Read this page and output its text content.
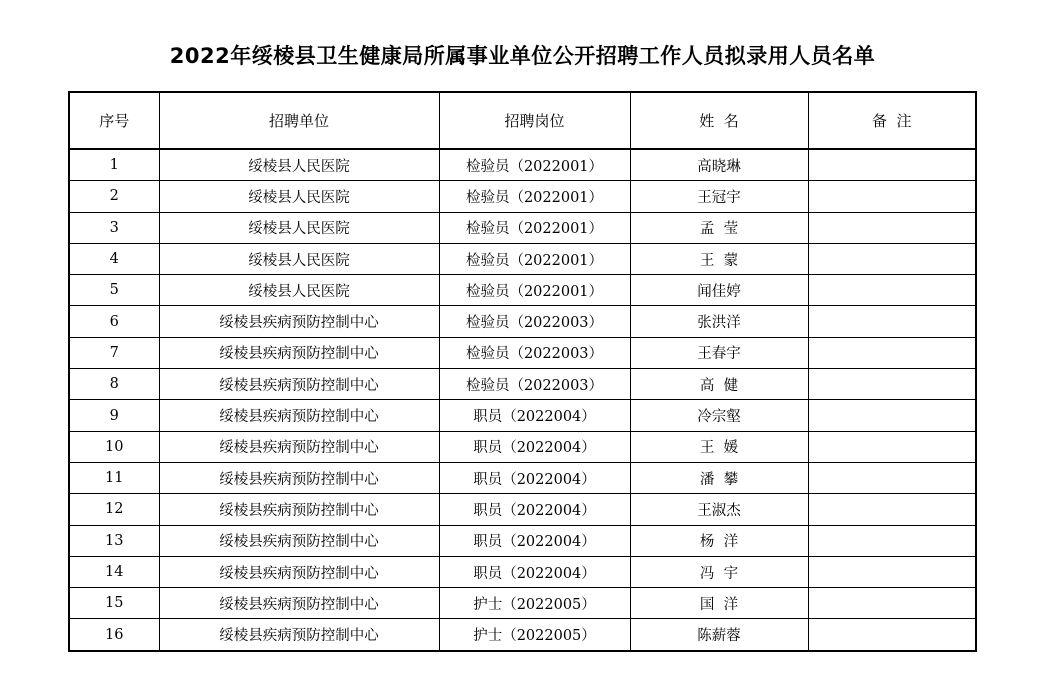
2022年绥棱县卫生健康局所属事业单位公开招聘工作人员拟录用人员名单
序号	招聘单位	招聘岗位	姓  名	备  注
1	绥棱县人民医院	检验员（2022001）	高晓琳	
2	绥棱县人民医院	检验员（2022001）	王冠宇	
3	绥棱县人民医院	检验员（2022001）	孟  莹	
4	绥棱县人民医院	检验员（2022001）	王  蒙	
5	绥棱县人民医院	检验员（2022001）	闻佳婷	
6	绥棱县疾病预防控制中心	检验员（2022003）	张洪洋	
7	绥棱县疾病预防控制中心	检验员（2022003）	王春宇	
8	绥棱县疾病预防控制中心	检验员（2022003）	高  健	
9	绥棱县疾病预防控制中心	职员（2022004）	冷宗壑	
10	绥棱县疾病预防控制中心	职员（2022004）	王  媛	
11	绥棱县疾病预防控制中心	职员（2022004）	潘  攀	
12	绥棱县疾病预防控制中心	职员（2022004）	王淑杰	
13	绥棱县疾病预防控制中心	职员（2022004）	杨  洋	
14	绥棱县疾病预防控制中心	职员（2022004）	冯  宇	
15	绥棱县疾病预防控制中心	护士（2022005）	国  洋	
16	绥棱县疾病预防控制中心	护士（2022005）	陈薪蓉	
